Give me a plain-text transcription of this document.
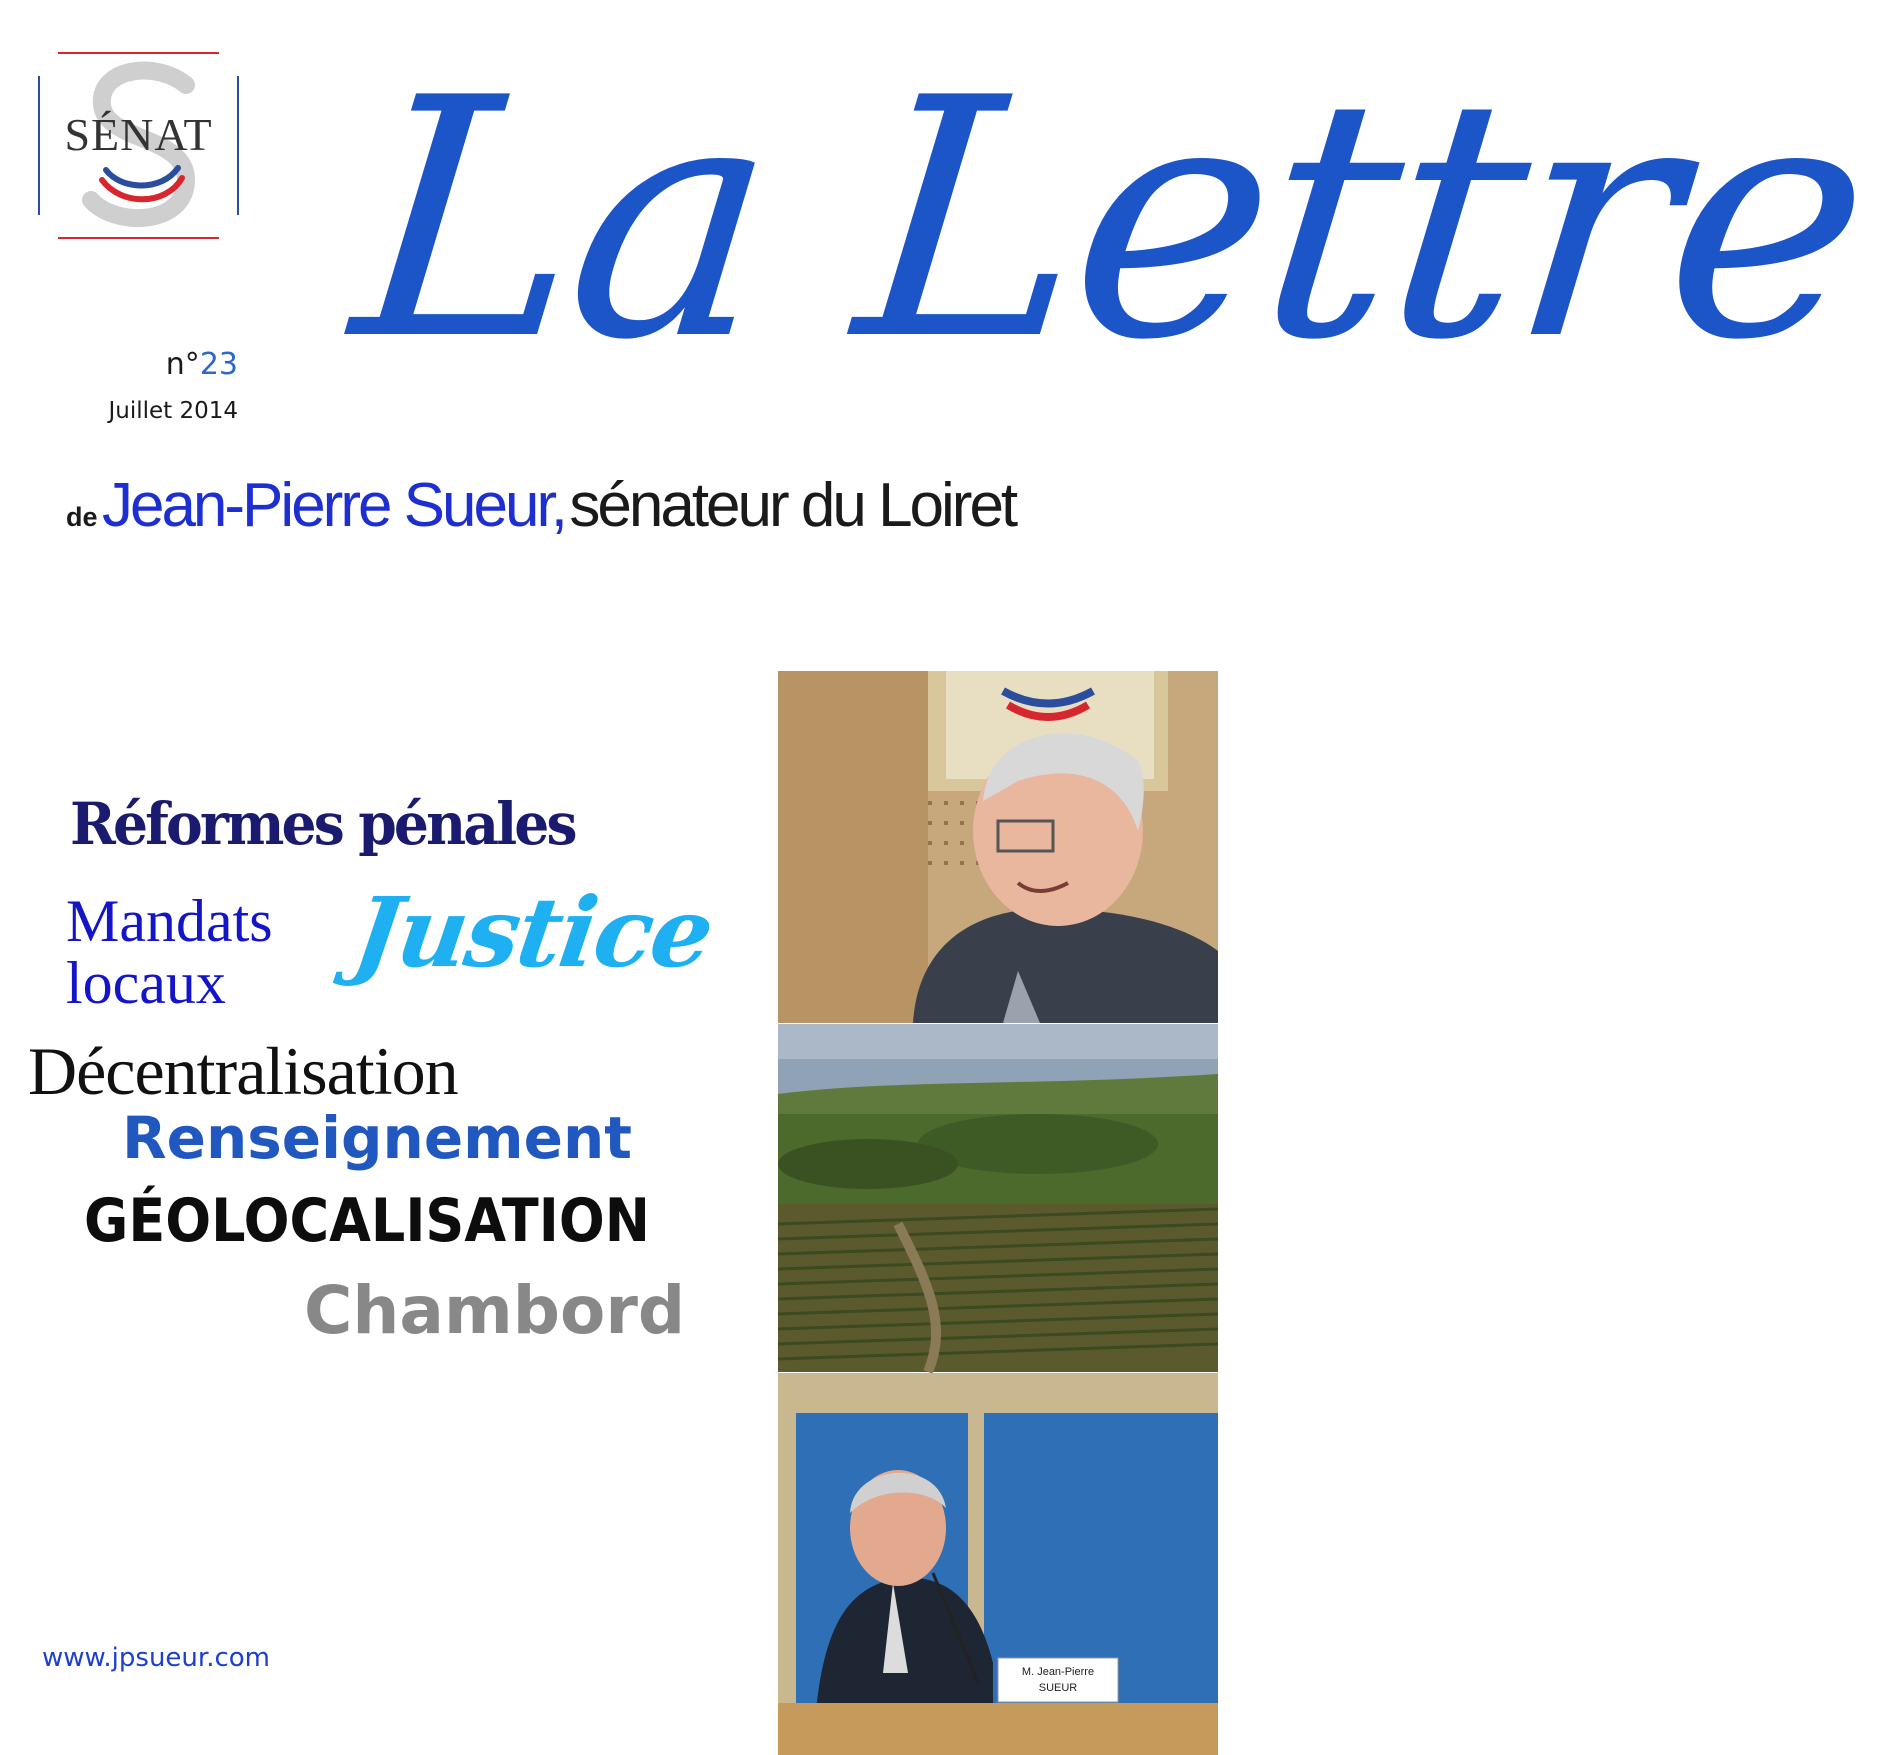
SÉNAT La Lettre
n°23
Juillet 2014
de Jean-Pierre Sueur, sénateur du Loiret
Réformes pénales
Mandats
locaux	Justice
Décentralisation
Renseignement
GÉOLOCALISATION
Chambord
www.jpsueur.com	M. Jean-Pierre
SUEUR
